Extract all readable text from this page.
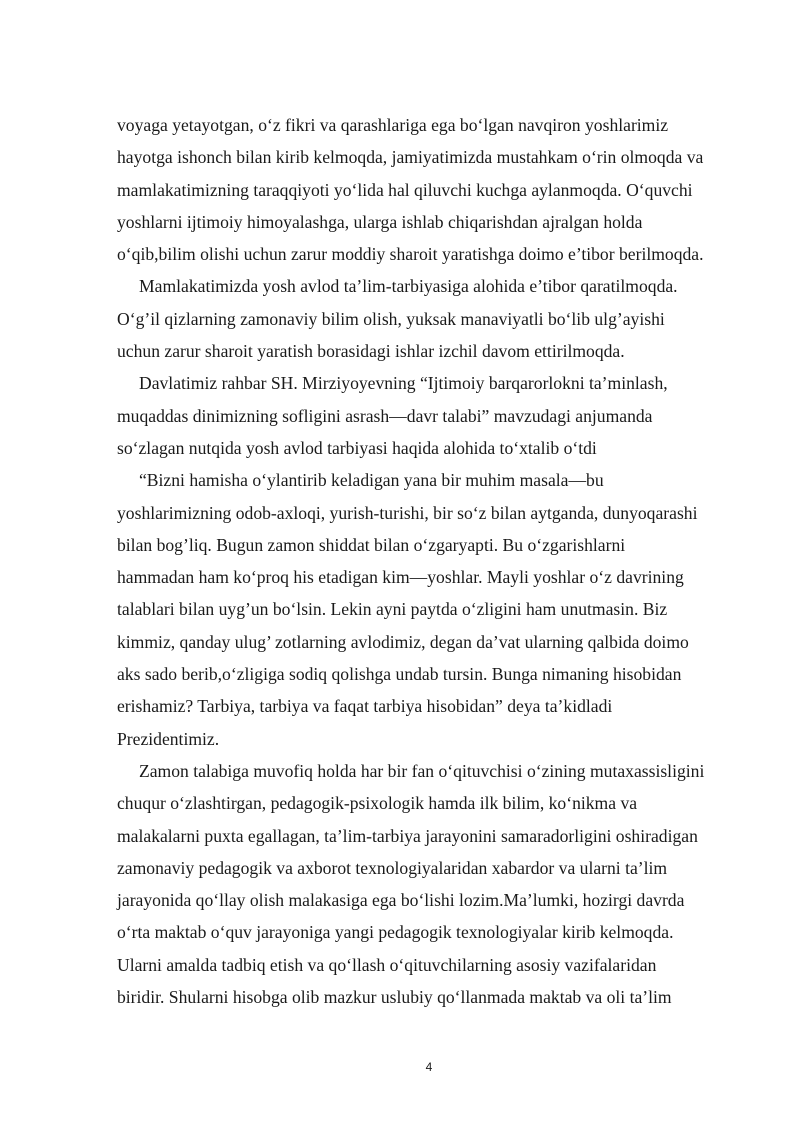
voyaga yetayotgan, o‘z fikri va qarashlariga ega bo‘lgan navqiron yoshlarimiz
hayotga ishonch bilan kirib kelmoqda, jamiyatimizda mustahkam o‘rin olmoqda va
mamlakatimizning taraqqiyoti yo‘lida hal qiluvchi kuchga aylanmoqda. O‘quvchi
yoshlarni ijtimoiy himoyalashga, ularga ishlab chiqarishdan ajralgan holda
o‘qib,bilim olishi uchun zarur moddiy sharoit yaratishga doimo e’tibor berilmoqda.
Mamlakatimizda yosh avlod ta’lim-tarbiyasiga alohida e’tibor qaratilmoqda.
O‘g’il qizlarning zamonaviy bilim olish, yuksak manaviyatli bo‘lib ulg’ayishi
uchun zarur sharoit yaratish borasidagi ishlar izchil davom ettirilmoqda.
Davlatimiz rahbar SH. Mirziyoyevning “Ijtimoiy barqarorlokni ta’minlash,
muqaddas dinimizning sofligini asrash—davr talabi” mavzudagi anjumanda
so‘zlagan nutqida yosh avlod tarbiyasi haqida alohida to‘xtalib o‘tdi
“Bizni hamisha o‘ylantirib keladigan yana bir muhim masala—bu
yoshlarimizning odob-axloqi, yurish-turishi, bir so‘z bilan aytganda, dunyoqarashi
bilan bog’liq. Bugun zamon shiddat bilan o‘zgaryapti. Bu o‘zgarishlarni
hammadan ham ko‘proq his etadigan kim—yoshlar. Mayli yoshlar o‘z davrining
talablari bilan uyg’un bo‘lsin. Lekin ayni paytda o‘zligini ham unutmasin. Biz
kimmiz, qanday ulug’ zotlarning avlodimiz, degan da’vat ularning qalbida doimo
aks sado berib,o‘zligiga sodiq qolishga undab tursin. Bunga nimaning hisobidan
erishamiz? Tarbiya, tarbiya va faqat tarbiya hisobidan” deya ta’kidladi
Prezidentimiz.
Zamon talabiga muvofiq holda har bir fan o‘qituvchisi o‘zining mutaxassisligini
chuqur o‘zlashtirgan, pedagogik-psixologik hamda ilk bilim, ko‘nikma va
malakalarni puxta egallagan, ta’lim-tarbiya jarayonini samaradorligini oshiradigan
zamonaviy pedagogik va axborot texnologiyalaridan xabardor va ularni ta’lim
jarayonida qo‘llay olish malakasiga ega bo‘lishi lozim.Ma’lumki, hozirgi davrda
o‘rta maktab o‘quv jarayoniga yangi pedagogik texnologiyalar kirib kelmoqda.
Ularni amalda tadbiq etish va qo‘llash o‘qituvchilarning asosiy vazifalaridan
biridir. Shularni hisobga olib mazkur uslubiy qo‘llanmada maktab va oli ta’lim
4
